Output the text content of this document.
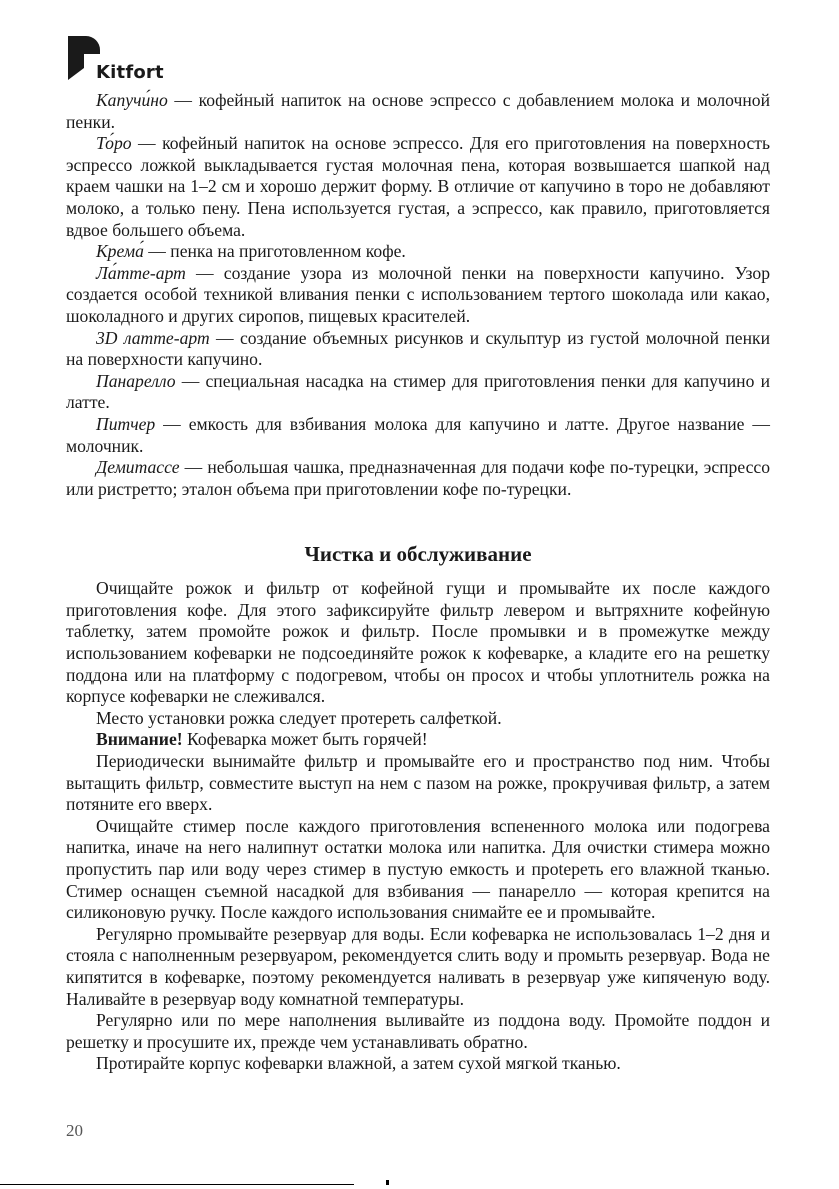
Kitfort

Капучи́но — кофейный напиток на основе эспрессо с добавлением молока и молочной пенки.

То́ро — кофейный напиток на основе эспрессо. Для его приготовления на поверхность эспрессо ложкой выкладывается густая молочная пена, которая возвышается шапкой над краем чашки на 1–2 см и хорошо держит форму. В отличие от капучино в торо не добавляют молоко, а только пену. Пена используется густая, а эспрессо, как правило, приготовляется вдвое большего объема.

Крема́ — пенка на приготовленном кофе.

Ла́тте-арт — создание узора из молочной пенки на поверхности капучино. Узор создается особой техникой вливания пенки с использованием тертого шоколада или какао, шоколадного и других сиропов, пищевых красителей.

3D латте-арт — создание объемных рисунков и скульптур из густой молочной пенки на поверхности капучино.

Панарелло — специальная насадка на стимер для приготовления пенки для капучино и латте.

Питчер — емкость для взбивания молока для капучино и латте. Другое название — молочник.

Демитассе — небольшая чашка, предназначенная для подачи кофе по-турецки, эспрессо или ристретто; эталон объема при приготовлении кофе по-турецки.

Чистка и обслуживание

Очищайте рожок и фильтр от кофейной гущи и промывайте их после каждого приготовления кофе. Для этого зафиксируйте фильтр левером и вытряхните кофейную таблетку, затем промойте рожок и фильтр. После промывки и в промежутке между использованием кофеварки не подсоединяйте рожок к кофеварке, а кладите его на решетку поддона или на платформу с подогревом, чтобы он просох и чтобы уплотнитель рожка на корпусе кофеварки не слеживался.

Место установки рожка следует протереть салфеткой.

Внимание! Кофеварка может быть горячей!

Периодически вынимайте фильтр и промывайте его и пространство под ним. Чтобы вытащить фильтр, совместите выступ на нем с пазом на рожке, прокручивая фильтр, а затем потяните его вверх.

Очищайте стимер после каждого приготовления вспененного молока или подогрева напитка, иначе на него налипнут остатки молока или напитка. Для очистки стимера можно пропустить пар или воду через стимер в пустую емкость и прoteреть его влажной тканью. Стимер оснащен съемной насадкой для взбивания — панарелло — которая крепится на силиконовую ручку. После каждого использования снимайте ее и промывайте.

Регулярно промывайте резервуар для воды. Если кофеварка не использовалась 1–2 дня и стояла с наполненным резервуаром, рекомендуется слить воду и промыть резервуар. Вода не кипятится в кофеварке, поэтому рекомендуется наливать в резервуар уже кипяченую воду. Наливайте в резервуар воду комнатной температуры.

Регулярно или по мере наполнения выливайте из поддона воду. Промойте поддон и решетку и просушите их, прежде чем устанавливать обратно.

Протирайте корпус кофеварки влажной, а затем сухой мягкой тканью.

20
